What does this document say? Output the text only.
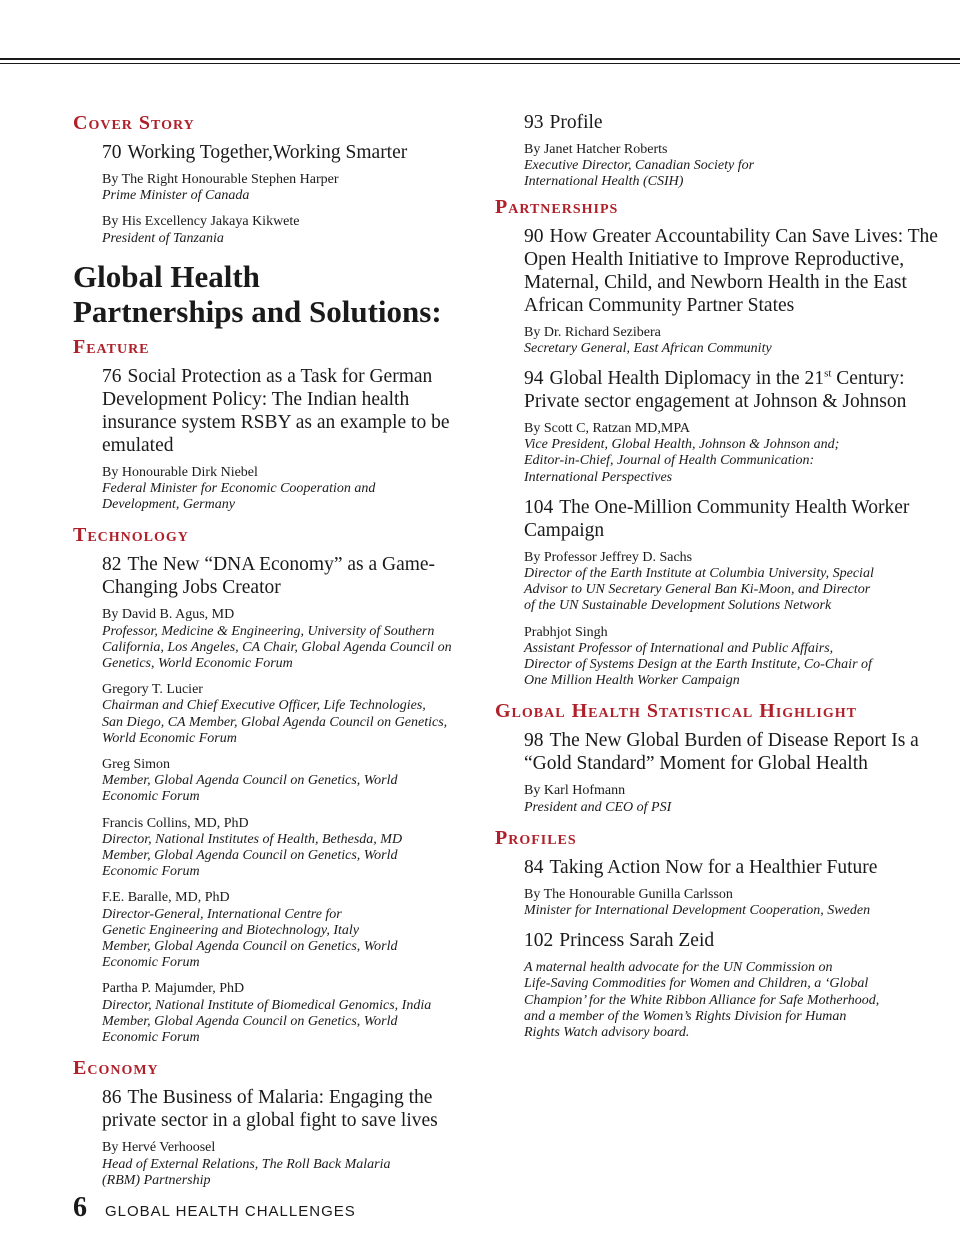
Cover Story
70 Working Together,Working Smarter

By The Right Honourable Stephen Harper

Prime Minister of Canada

By His Excellency Jakaya Kikwete

President of Tanzania

Global Health
Partnerships and Solutions:
Feature
76 Social Protection as a Task for German Development Policy: The Indian health insurance system RSBY as an example to be emulated

By Honourable Dirk Niebel

Federal Minister for Economic Cooperation and
Development, Germany

Technology
82 The New “DNA Economy” as a Game-Changing Jobs Creator

By David B. Agus, MD

Professor, Medicine & Engineering, University of Southern
California, Los Angeles, CA Chair, Global Agenda Council on
Genetics, World Economic Forum

Gregory T. Lucier

Chairman and Chief Executive Officer, Life Technologies,
San Diego, CA Member, Global Agenda Council on Genetics,
World Economic Forum

Greg Simon

Member, Global Agenda Council on Genetics, World
Economic Forum

Francis Collins, MD, PhD

Director, National Institutes of Health, Bethesda, MD
Member, Global Agenda Council on Genetics, World
Economic Forum

F.E. Baralle, MD, PhD

Director-General, International Centre for
Genetic Engineering and Biotechnology, Italy
Member, Global Agenda Council on Genetics, World
Economic Forum

Partha P. Majumder, PhD

Director, National Institute of Biomedical Genomics, India
Member, Global Agenda Council on Genetics, World
Economic Forum

Economy
86 The Business of Malaria: Engaging the private sector in a global fight to save lives

By Hervé Verhoosel

Head of External Relations, The Roll Back Malaria
(RBM) Partnership

93 Profile

By Janet Hatcher Roberts

Executive Director, Canadian Society for
International Health (CSIH)

Partnerships
90 How Greater Accountability Can Save Lives: The Open Health Initiative to Improve Reproductive, Maternal, Child, and Newborn Health in the East African Community Partner States

By Dr. Richard Sezibera

Secretary General, East African Community

94 Global Health Diplomacy in the 21st Century: Private sector engagement at Johnson & Johnson

By Scott C, Ratzan MD,MPA

Vice President, Global Health, Johnson & Johnson and;
Editor-in-Chief, Journal of Health Communication:
International Perspectives

104 The One-Million Community Health Worker Campaign

By Professor Jeffrey D. Sachs

Director of the Earth Institute at Columbia University, Special
Advisor to UN Secretary General Ban Ki-Moon, and Director
of the UN Sustainable Development Solutions Network

Prabhjot Singh

Assistant Professor of International and Public Affairs,
Director of Systems Design at the Earth Institute, Co-Chair of
One Million Health Worker Campaign

Global Health Statistical Highlight
98 The New Global Burden of Disease Report Is a “Gold Standard” Moment for Global Health

By Karl Hofmann

President and CEO of PSI

Profiles
84 Taking Action Now for a Healthier Future

By The Honourable Gunilla Carlsson

Minister for International Development Cooperation, Sweden

102 Princess Sarah Zeid

A maternal health advocate for the UN Commission on
Life-Saving Commodities for Women and Children, a ‘Global
Champion’ for the White Ribbon Alliance for Safe Motherhood,
and a member of the Women’s Rights Division for Human
Rights Watch advisory board.

6 GLOBAL HEALTH CHALLENGES
